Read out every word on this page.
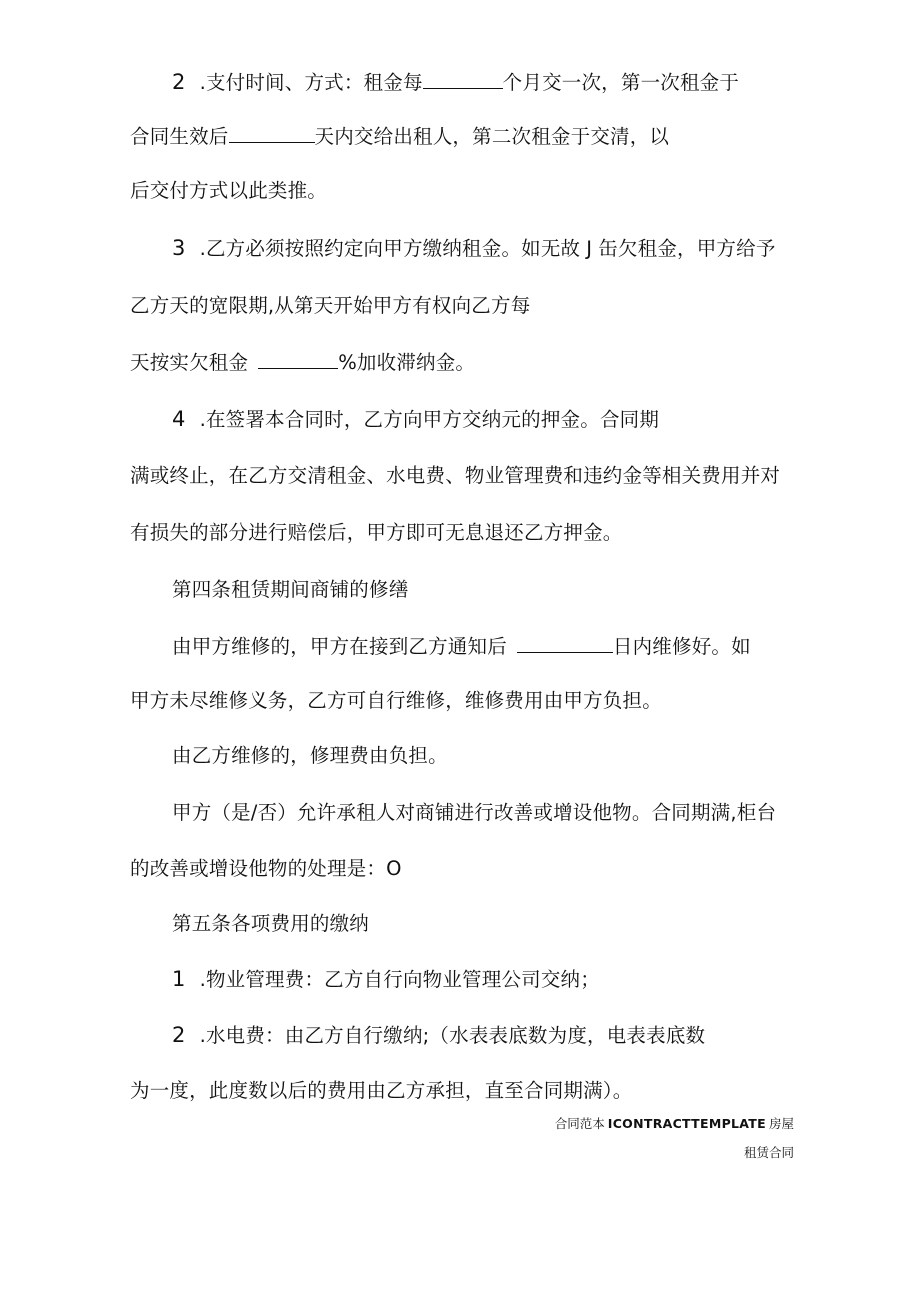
2 .支付时间、方式：租金每	个月交一次，第一次租金于
合同生效后	天内交给出租人，第二次租金于交清，以
后交付方式以此类推。
3 .乙方必须按照约定向甲方缴纳租金。如无故 J 缶欠租金，甲方给予
乙方天的宽限期,从第天开始甲方有权向乙方每
天按实欠租金	%加收滞纳金。
4 .在签署本合同时，乙方向甲方交纳元的押金。合同期
满或终止，在乙方交清租金、水电费、物业管理费和违约金等相关费用并对
有损失的部分进行赔偿后，甲方即可无息退还乙方押金。
第四条租赁期间商铺的修缮
由甲方维修的，甲方在接到乙方通知后	日内维修好。如
甲方未尽维修义务，乙方可自行维修，维修费用由甲方负担。
由乙方维修的，修理费由负担。
甲方（是/否）允许承租人对商铺进行改善或增设他物。合同期满,柜台
的改善或增设他物的处理是：O
第五条各项费用的缴纳
1 .物业管理费：乙方自行向物业管理公司交纳；
2 .水电费：由乙方自行缴纳;（水表表底数为度，电表表底数
为一度，此度数以后的费用由乙方承担，直至合同期满）。
合同范本 ICONTRACTTEMPLATE 房屋
租赁合同
